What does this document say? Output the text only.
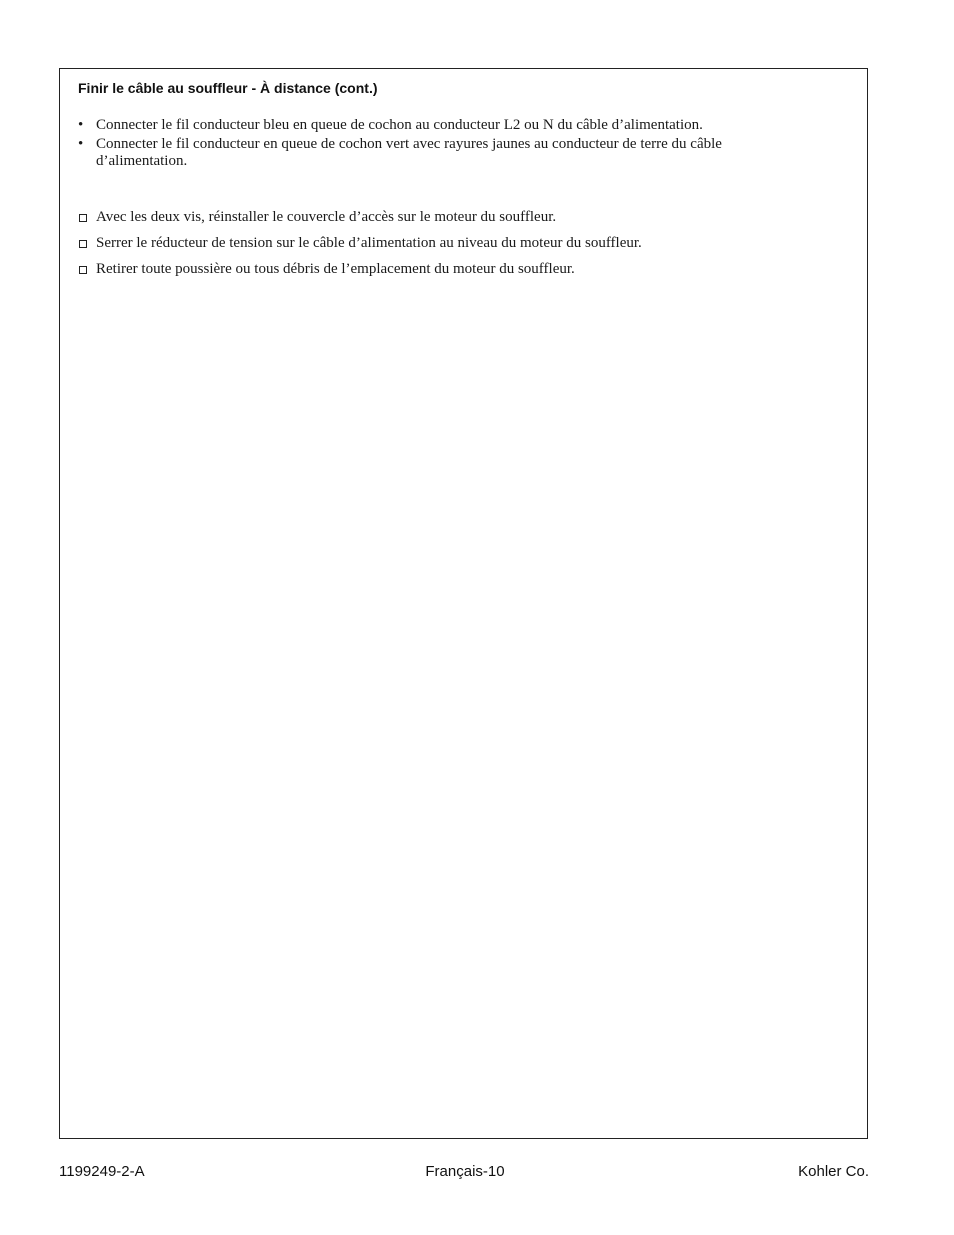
Finir le câble au souffleur - À distance (cont.)
• Connecter le fil conducteur bleu en queue de cochon au conducteur L2 ou N du câble d’alimentation.
• Connecter le fil conducteur en queue de cochon vert avec rayures jaunes au conducteur de terre du câble d’alimentation.
Avec les deux vis, réinstaller le couvercle d’accès sur le moteur du souffleur.
Serrer le réducteur de tension sur le câble d’alimentation au niveau du moteur du souffleur.
Retirer toute poussière ou tous débris de l’emplacement du moteur du souffleur.
1199249-2-A	Français-10	Kohler Co.
